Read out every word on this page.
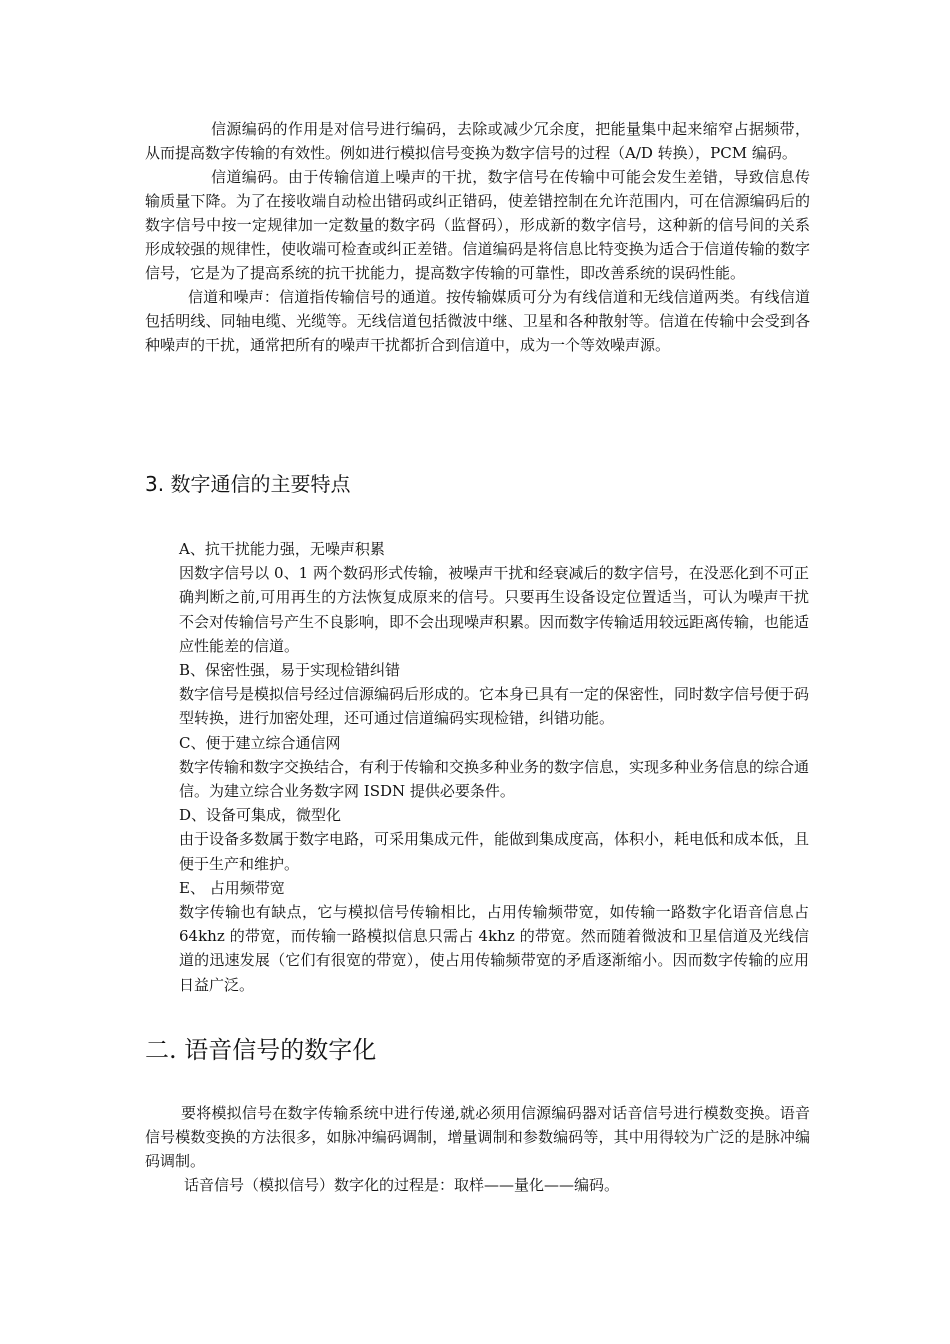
信源编码的作用是对信号进行编码，去除或减少冗余度，把能量集中起来缩窄占据频带，从而提高数字传输的有效性。例如进行模拟信号变换为数字信号的过程（A/D 转换），PCM 编码。

信道编码。由于传输信道上噪声的干扰，数字信号在传输中可能会发生差错，导致信息传输质量下降。为了在接收端自动检出错码或纠正错码，使差错控制在允许范围内，可在信源编码后的数字信号中按一定规律加一定数量的数字码（监督码），形成新的数字信号，这种新的信号间的关系形成较强的规律性，使收端可检查或纠正差错。信道编码是将信息比特变换为适合于信道传输的数字信号，它是为了提高系统的抗干扰能力，提高数字传输的可靠性，即改善系统的误码性能。

信道和噪声：信道指传输信号的通道。按传输媒质可分为有线信道和无线信道两类。有线信道包括明线、同轴电缆、光缆等。无线信道包括微波中继、卫星和各种散射等。信道在传输中会受到各种噪声的干扰，通常把所有的噪声干扰都折合到信道中，成为一个等效噪声源。

3. 数字通信的主要特点

A、抗干扰能力强，无噪声积累

因数字信号以 0、1 两个数码形式传输，被噪声干扰和经衰减后的数字信号，在没恶化到不可正确判断之前,可用再生的方法恢复成原来的信号。只要再生设备设定位置适当，可认为噪声干扰不会对传输信号产生不良影响，即不会出现噪声积累。因而数字传输适用较远距离传输，也能适应性能差的信道。

B、保密性强，易于实现检错纠错

数字信号是模拟信号经过信源编码后形成的。它本身已具有一定的保密性，同时数字信号便于码型转换，进行加密处理，还可通过信道编码实现检错，纠错功能。

C、便于建立综合通信网

数字传输和数字交换结合，有利于传输和交换多种业务的数字信息，实现多种业务信息的综合通信。为建立综合业务数字网 ISDN 提供必要条件。

D、设备可集成，微型化

由于设备多数属于数字电路，可采用集成元件，能做到集成度高，体积小，耗电低和成本低，且便于生产和维护。

E、 占用频带宽

数字传输也有缺点，它与模拟信号传输相比，占用传输频带宽，如传输一路数字化语音信息占 64khz 的带宽，而传输一路模拟信息只需占 4khz 的带宽。然而随着微波和卫星信道及光线信道的迅速发展（它们有很宽的带宽），使占用传输频带宽的矛盾逐渐缩小。因而数字传输的应用日益广泛。

二. 语音信号的数字化

要将模拟信号在数字传输系统中进行传递,就必须用信源编码器对话音信号进行模数变换。语音信号模数变换的方法很多，如脉冲编码调制，增量调制和参数编码等，其中用得较为广泛的是脉冲编码调制。

话音信号（模拟信号）数字化的过程是：取样——量化——编码。
